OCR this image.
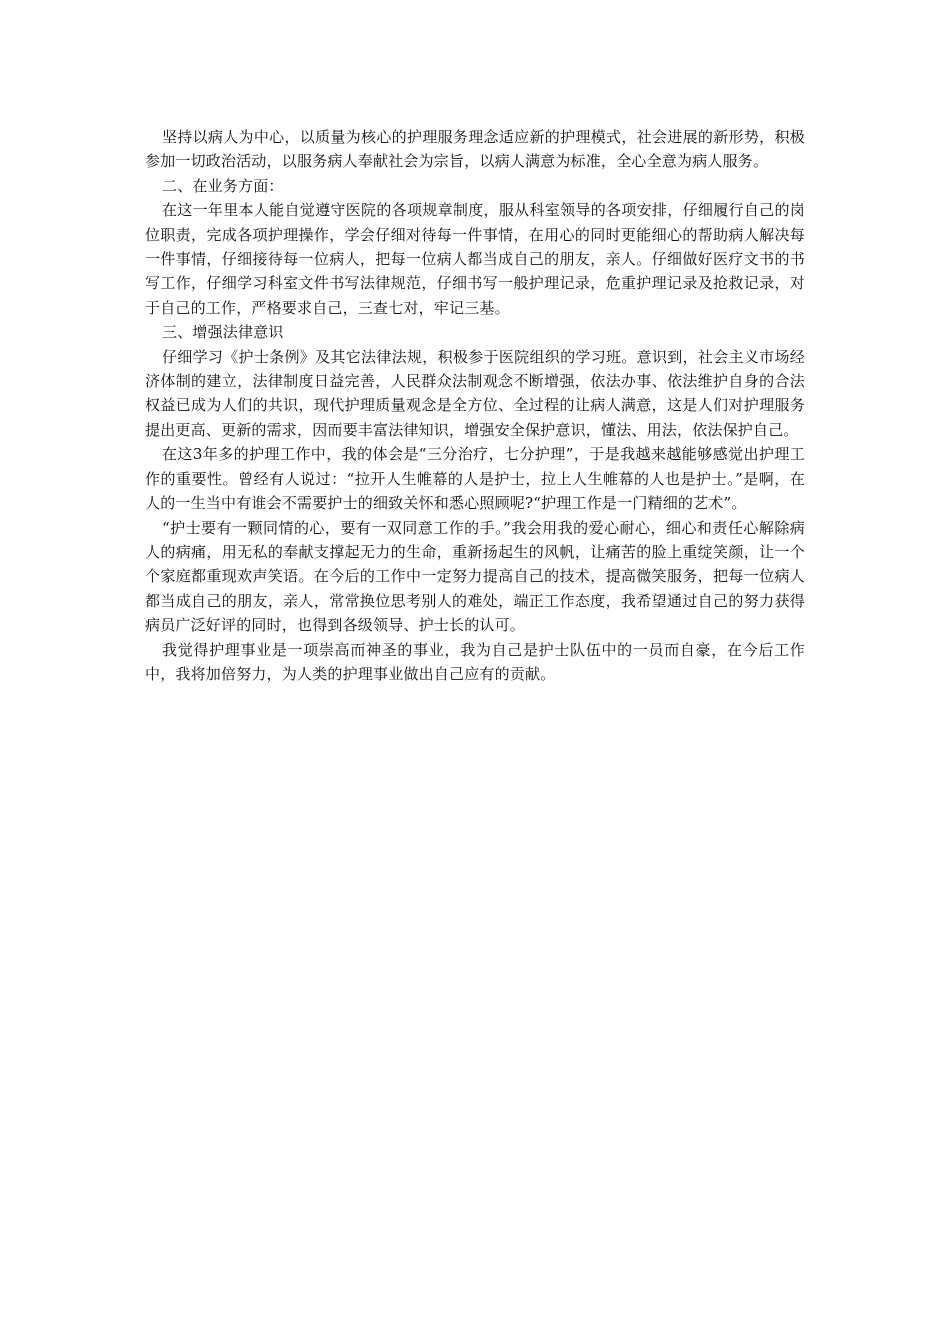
坚持以病人为中心，以质量为核心的护理服务理念适应新的护理模式，社会进展的新形势，积极参加一切政治活动，以服务病人奉献社会为宗旨，以病人满意为标准，全心全意为病人服务。

二、在业务方面：

在这一年里本人能自觉遵守医院的各项规章制度，服从科室领导的各项安排，仔细履行自己的岗位职责，完成各项护理操作，学会仔细对待每一件事情，在用心的同时更能细心的帮助病人解决每一件事情，仔细接待每一位病人，把每一位病人都当成自己的朋友，亲人。仔细做好医疗文书的书写工作，仔细学习科室文件书写法律规范，仔细书写一般护理记录，危重护理记录及抢救记录，对于自己的工作，严格要求自己，三查七对，牢记三基。

三、增强法律意识

仔细学习《护士条例》及其它法律法规，积极参于医院组织的学习班。意识到，社会主义市场经济体制的建立，法律制度日益完善，人民群众法制观念不断增强，依法办事、依法维护自身的合法权益已成为人们的共识，现代护理质量观念是全方位、全过程的让病人满意，这是人们对护理服务提出更高、更新的需求，因而要丰富法律知识，增强安全保护意识，懂法、用法，依法保护自己。

在这3年多的护理工作中，我的体会是“三分治疗，七分护理”，于是我越来越能够感觉出护理工作的重要性。曾经有人说过：“拉开人生帷幕的人是护士，拉上人生帷幕的人也是护士。”是啊，在人的一生当中有谁会不需要护士的细致关怀和悉心照顾呢?“护理工作是一门精细的艺术”。

“护士要有一颗同情的心，要有一双同意工作的手。”我会用我的爱心耐心，细心和责任心解除病人的病痛，用无私的奉献支撑起无力的生命，重新扬起生的风帆，让痛苦的脸上重绽笑颜，让一个个家庭都重现欢声笑语。在今后的工作中一定努力提高自己的技术，提高微笑服务，把每一位病人都当成自己的朋友，亲人，常常换位思考别人的难处，端正工作态度，我希望通过自己的努力获得病员广泛好评的同时，也得到各级领导、护士长的认可。

我觉得护理事业是一项崇高而神圣的事业，我为自己是护士队伍中的一员而自豪，在今后工作中，我将加倍努力，为人类的护理事业做出自己应有的贡献。
